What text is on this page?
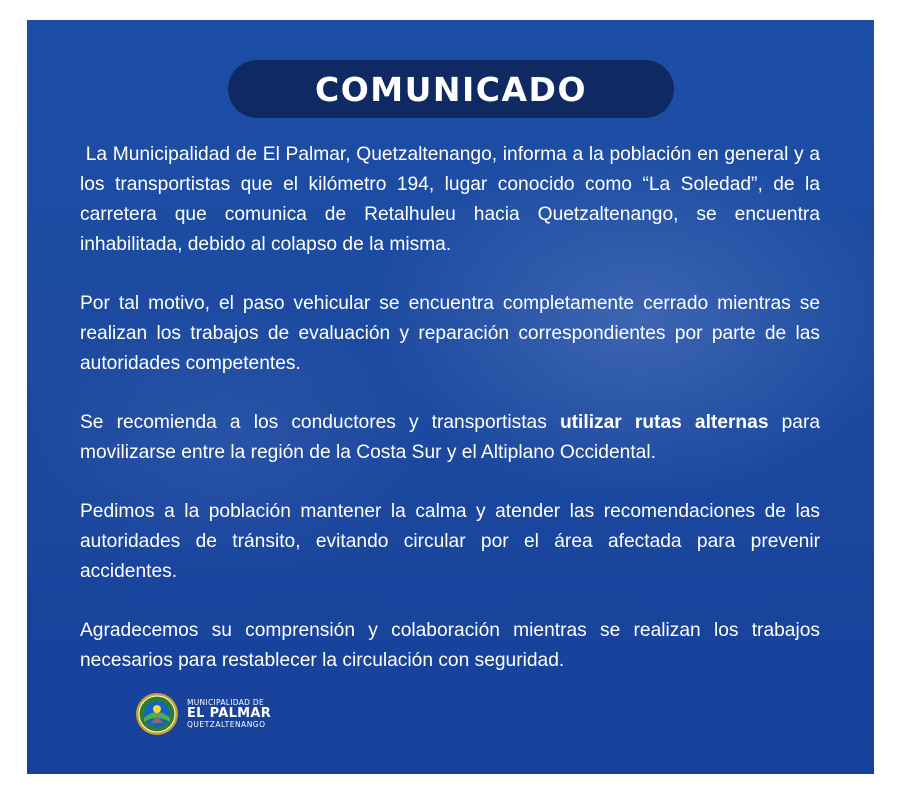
COMUNICADO

La Municipalidad de El Palmar, Quetzaltenango, informa a la población en general y a los transportistas que el kilómetro 194, lugar conocido como “La Soledad”, de la carretera que comunica de Retalhuleu hacia Quetzaltenango, se encuentra inhabilitada, debido al colapso de la misma.

Por tal motivo, el paso vehicular se encuentra completamente cerrado mientras se realizan los trabajos de evaluación y reparación correspondientes por parte de las autoridades competentes.

Se recomienda a los conductores y transportistas utilizar rutas alternas para movilizarse entre la región de la Costa Sur y el Altiplano Occidental.

Pedimos a la población mantener la calma y atender las recomendaciones de las autoridades de tránsito, evitando circular por el área afectada para prevenir accidentes.

Agradecemos su comprensión y colaboración mientras se realizan los trabajos necesarios para restablecer la circulación con seguridad.

MUNICIPALIDAD DE
EL PALMAR
QUETZALTENANGO
